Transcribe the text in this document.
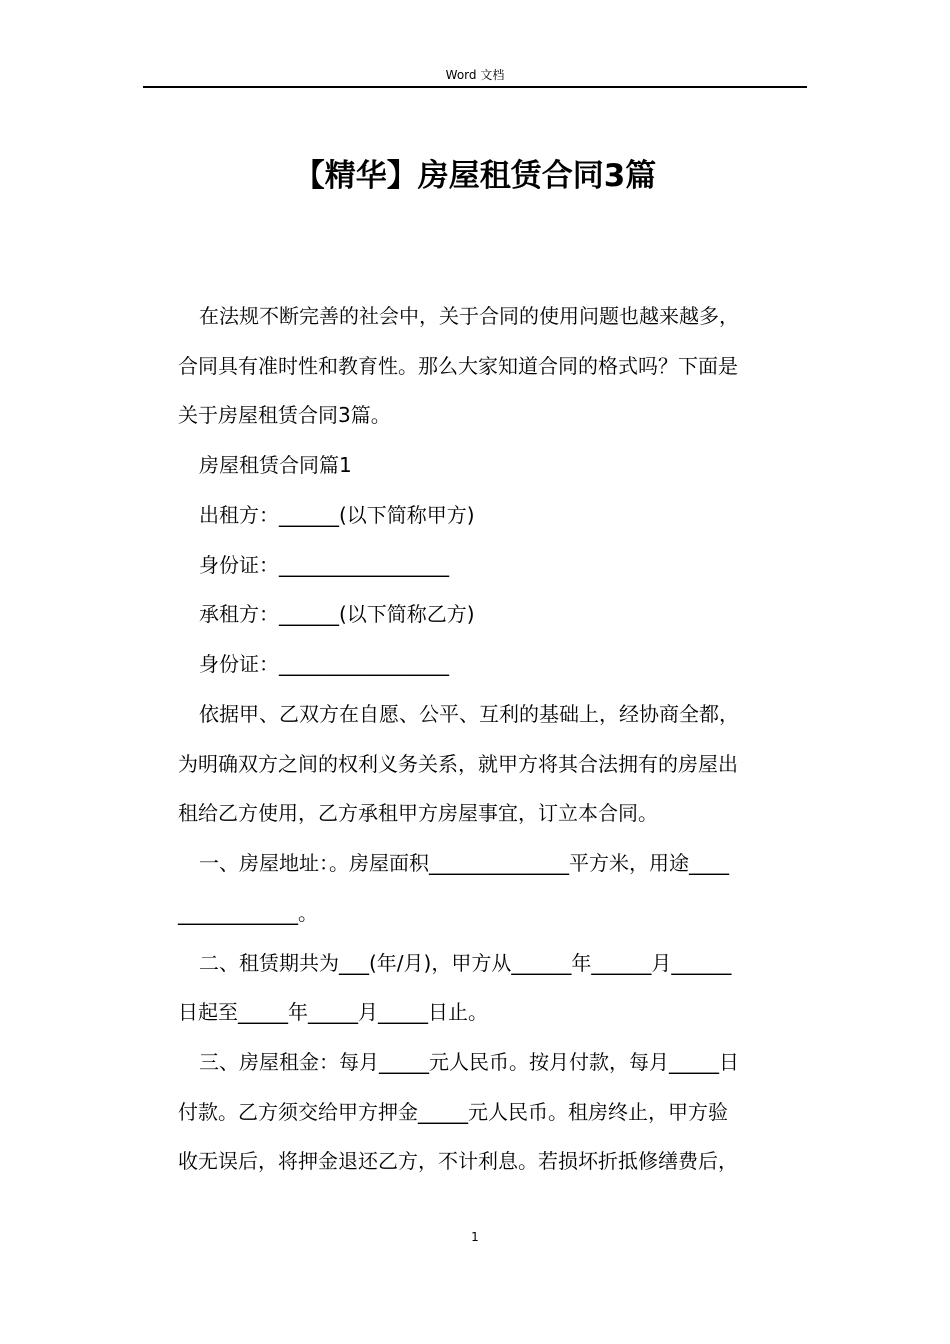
Word 文档
【精华】房屋租赁合同3篇
在法规不断完善的社会中，关于合同的使用问题也越来越多，
合同具有准时性和教育性。那么大家知道合同的格式吗？下面是
关于房屋租赁合同3篇。
房屋租赁合同篇1
出租方：______(以下简称甲方)
身份证：_________________
承租方：______(以下简称乙方)
身份证：_________________
依据甲、乙双方在自愿、公平、互利的基础上，经协商全都，
为明确双方之间的权利义务关系，就甲方将其合法拥有的房屋出
租给乙方使用，乙方承租甲方房屋事宜，订立本合同。
一、房屋地址：。房屋面积______________平方米，用途____
____________。
二、租赁期共为___(年/月)，甲方从______年______月______
日起至_____年_____月_____日止。
三、房屋租金：每月_____元人民币。按月付款，每月_____日
付款。乙方须交给甲方押金_____元人民币。租房终止，甲方验
收无误后，将押金退还乙方，不计利息。若损坏折抵修缮费后，
1
